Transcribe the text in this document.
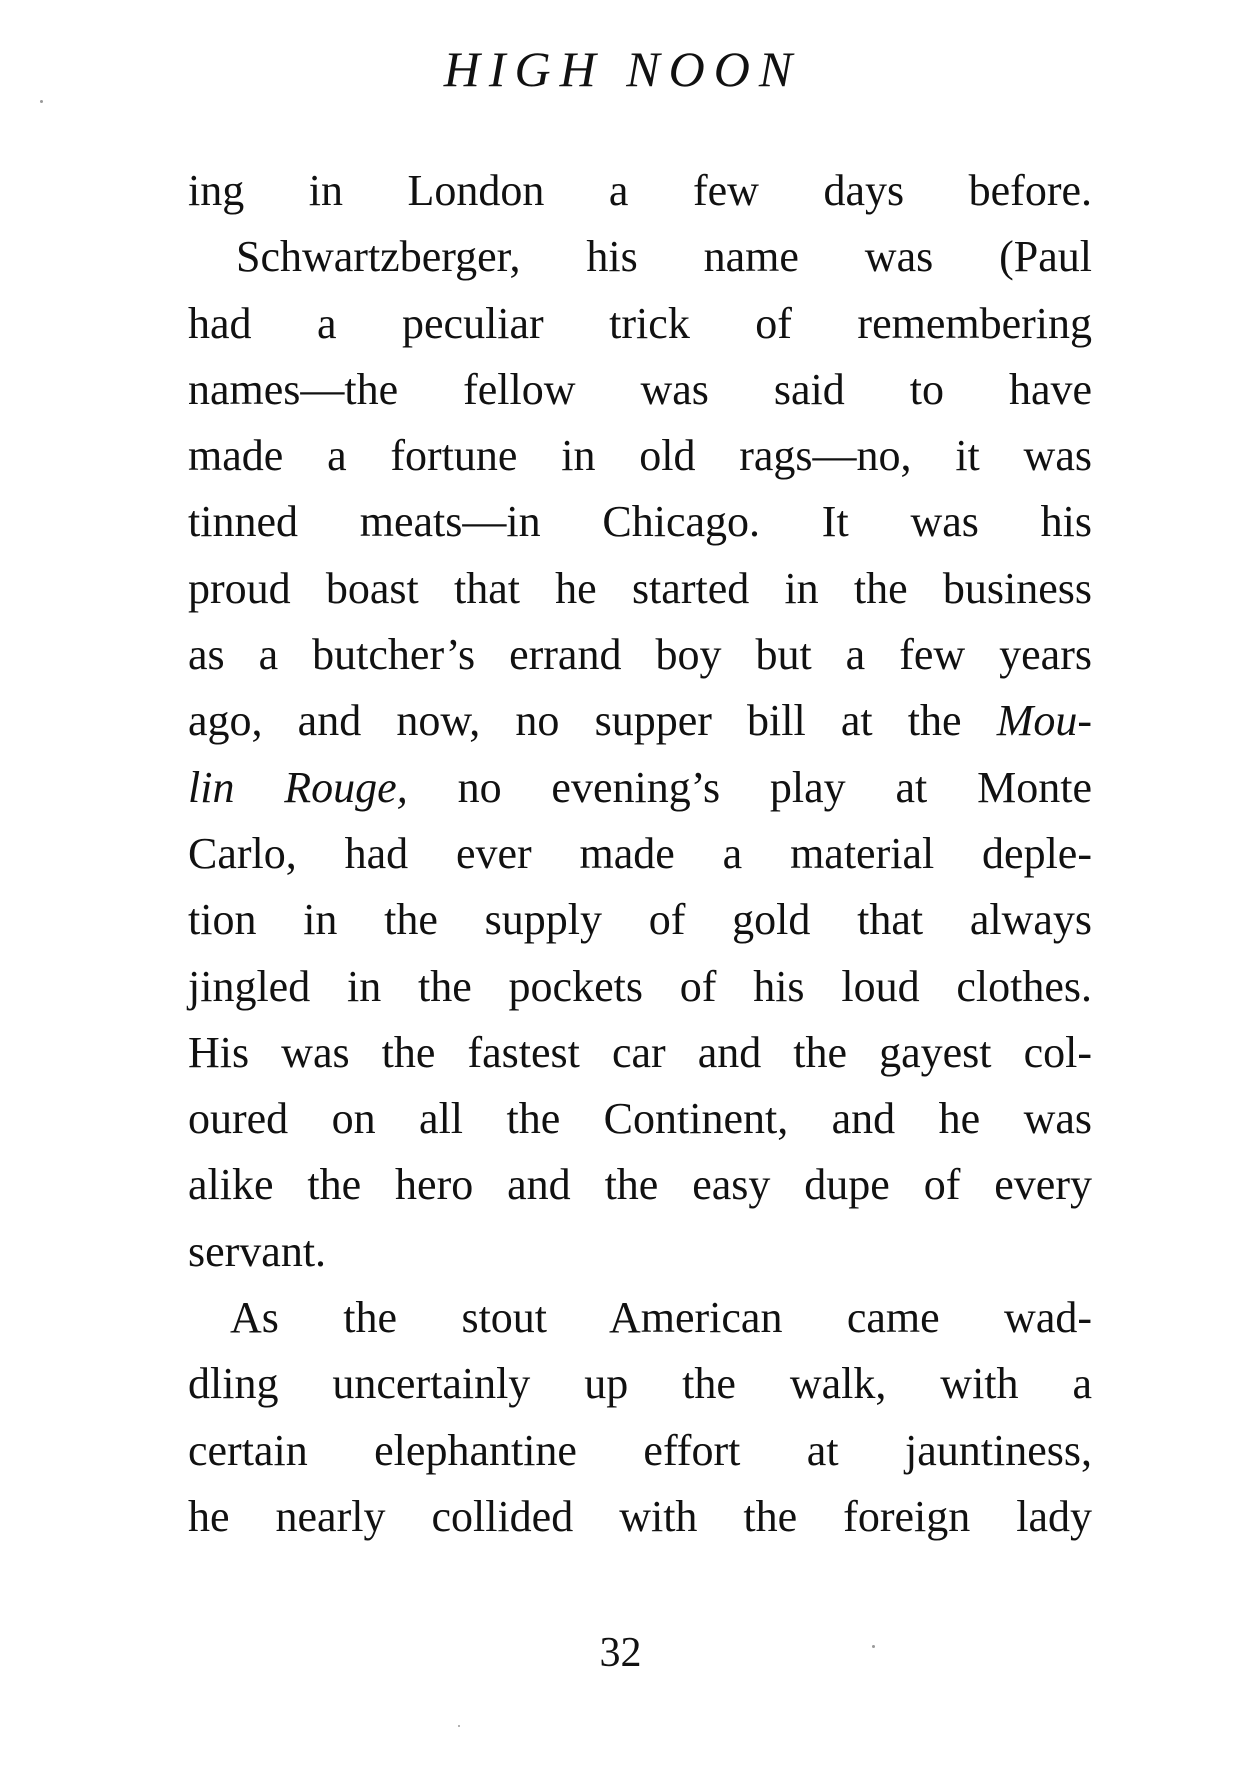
HIGH NOON
ing in London a few days before.
Schwartzberger, his name was (Paul
had a peculiar trick of remembering
names—the fellow was said to have
made a fortune in old rags—no, it was
tinned meats—in Chicago. It was his
proud boast that he started in the business
as a butcher’s errand boy but a few years
ago, and now, no supper bill at the Mou-
lin Rouge, no evening’s play at Monte
Carlo, had ever made a material deple-
tion in the supply of gold that always
jingled in the pockets of his loud clothes.
His was the fastest car and the gayest col-
oured on all the Continent, and he was
alike the hero and the easy dupe of every
servant.
As the stout American came wad-
dling uncertainly up the walk, with a
certain elephantine effort at jauntiness,
he nearly collided with the foreign lady
32
